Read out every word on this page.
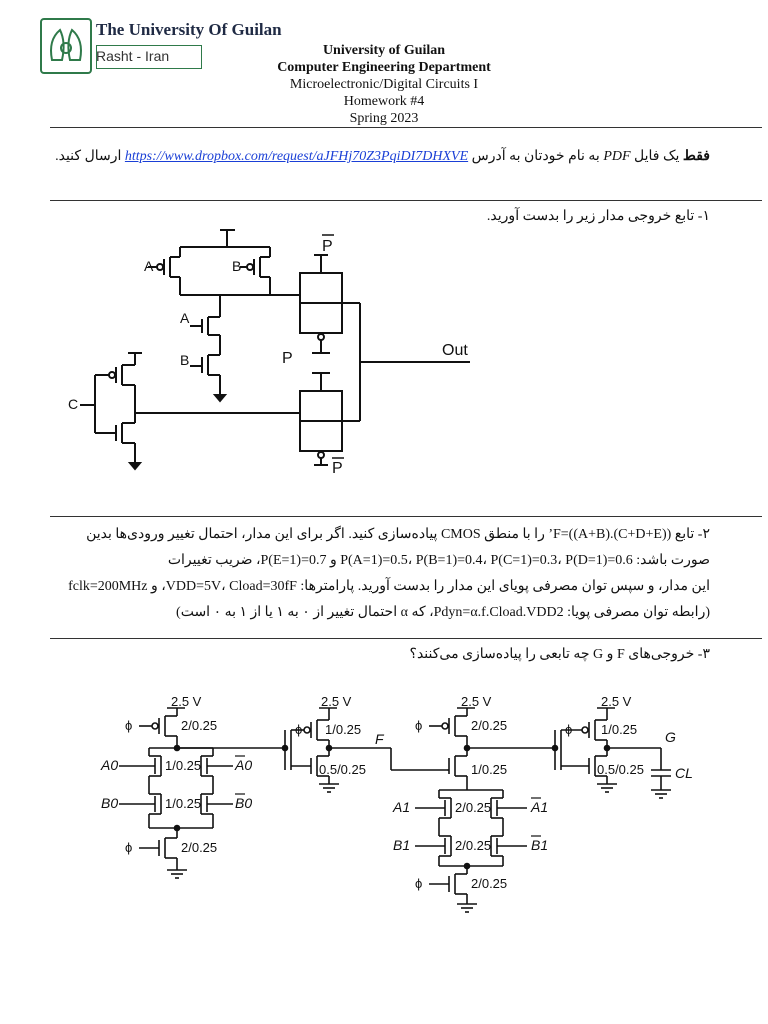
The University Of Guilan
Rasht - Iran	University of Guilan
Computer Engineering Department
Microelectronic/Digital Circuits I
Homework #4
Spring 2023
فقط یک فایل PDF به نام خودتان به آدرس https://www.dropbox.com/request/aJFHj70Z3PqiDI7DHXVE ارسال کنید.
۱- تابع خروجی مدار زیر را بدست آورید.
A	B
A
B
C
P
P
P
Out
۲- تابع F=((A+B).(C+D+E))’ را با منطق CMOS پیاده‌سازی کنید. اگر برای این مدار، احتمال تغییر ورودی‌ها بدین
صورت باشد: P(A=1)=0.5، P(B=1)=0.4، P(C=1)=0.3، P(D=1)=0.6 و P(E=1)=0.7، ضریب تغییرات
این مدار، و سپس توان مصرفی پویای این مدار را بدست آورید. پارامترها: VDD=5V، Cload=30fF، و fclk=200MHz
(رابطه توان مصرفی پویا: Pdyn=α.f.Cload.VDD2، که α احتمال تغییر از ۰ به ۱ یا از ۱ به ۰ است)
۳- خروجی‌های F و G چه تابعی را پیاده‌سازی می‌کنند؟
2.5 V	2.5 V	2.5 V	2.5 V
2/0.25	1/0.25	2/0.25	1/0.25
1/0.25
1/0.25
2/0.25
0.5/0.25	1/0.25
2/0.25
2/0.25
2/0.25
0.5/0.25
ϕ
ϕ
ϕ	ϕ
ϕ
ϕ
A0	A0
B0	B0	A1	A1
B1	B1
F	G
CL
